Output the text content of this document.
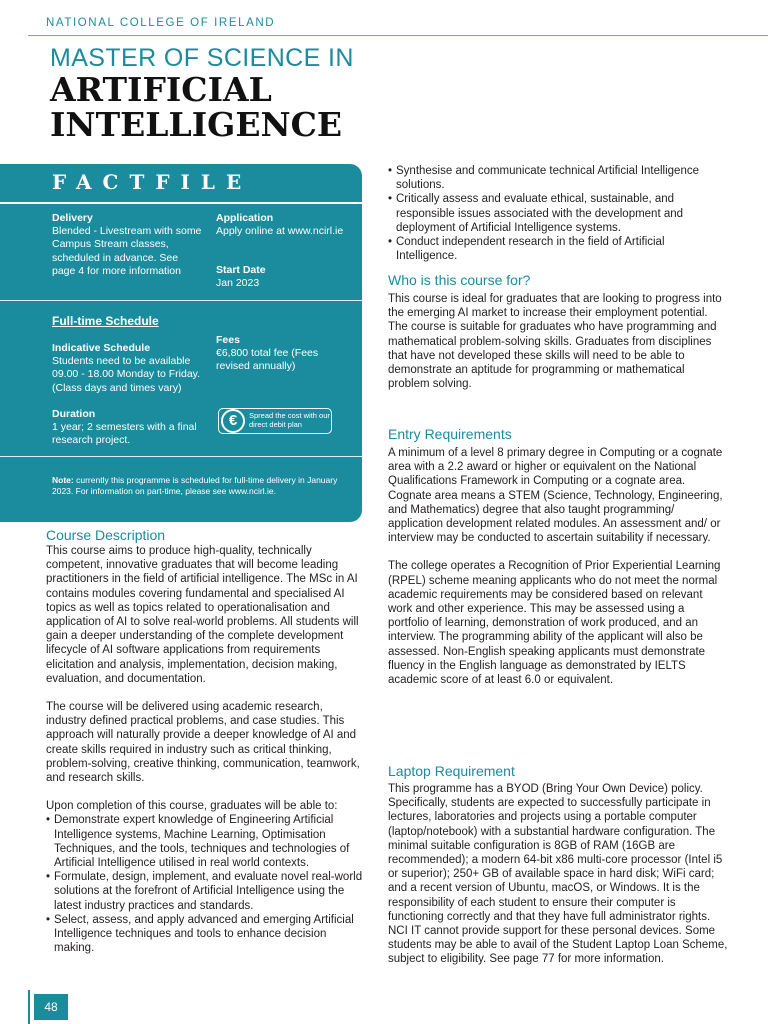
NATIONAL COLLEGE OF IRELAND
MASTER OF SCIENCE IN
ARTIFICIAL
INTELLIGENCE
FACTFILE
Delivery
Blended - Livestream with some Campus Stream classes, scheduled in advance. See page 4 for more information
Application
Apply online at www.ncirl.ie
Start Date
Jan 2023
Full-time Schedule
Indicative Schedule
Students need to be available 09.00 - 18.00 Monday to Friday. (Class days and times vary)
Fees
€6,800 total fee (Fees revised annually)
Duration
1 year; 2 semesters with a final research project.
€	Spread the cost with our direct debit plan
Note: currently this programme is scheduled for full-time delivery in January 2023. For information on part-time, please see www.ncirl.ie.
Course Description

This course aims to produce high-quality, technically competent, innovative graduates that will become leading practitioners in the field of artificial intelligence. The MSc in AI contains modules covering fundamental and specialised AI topics as well as topics related to operationalisation and application of AI to solve real-world problems. All students will gain a deeper understanding of the complete development lifecycle of AI software applications from requirements elicitation and analysis, implementation, decision making, evaluation, and documentation.

The course will be delivered using academic research, industry defined practical problems, and case studies. This approach will naturally provide a deeper knowledge of AI and create skills required in industry such as critical thinking, problem-solving, creative thinking, communication, teamwork, and research skills.

Upon completion of this course, graduates will be able to:

• Demonstrate expert knowledge of Engineering Artificial Intelligence systems, Machine Learning, Optimisation Techniques, and the tools, techniques and technologies of Artificial Intelligence utilised in real world contexts.
• Formulate, design, implement, and evaluate novel real-world solutions at the forefront of Artificial Intelligence using the latest industry practices and standards.
• Select, assess, and apply advanced and emerging Artificial Intelligence techniques and tools to enhance decision making.
• Synthesise and communicate technical Artificial Intelligence solutions.
• Critically assess and evaluate ethical, sustainable, and responsible issues associated with the development and deployment of Artificial Intelligence systems.
• Conduct independent research in the field of Artificial Intelligence.
Who is this course for?
This course is ideal for graduates that are looking to progress into the emerging AI market to increase their employment potential. The course is suitable for graduates who have programming and mathematical problem-solving skills. Graduates from disciplines that have not developed these skills will need to be able to demonstrate an aptitude for programming or mathematical problem solving.
Entry Requirements

A minimum of a level 8 primary degree in Computing or a cognate area with a 2.2 award or higher or equivalent on the National Qualifications Framework in Computing or a cognate area. Cognate area means a STEM (Science, Technology, Engineering, and Mathematics) degree that also taught programming/ application development related modules. An assessment and/ or interview may be conducted to ascertain suitability if necessary.

The college operates a Recognition of Prior Experiential Learning (RPEL) scheme meaning applicants who do not meet the normal academic requirements may be considered based on relevant work and other experience. This may be assessed using a portfolio of learning, demonstration of work produced, and an interview. The programming ability of the applicant will also be assessed. Non-English speaking applicants must demonstrate fluency in the English language as demonstrated by IELTS academic score of at least 6.0 or equivalent.

Laptop Requirement
This programme has a BYOD (Bring Your Own Device) policy. Specifically, students are expected to successfully participate in lectures, laboratories and projects using a portable computer (laptop/notebook) with a substantial hardware configuration. The minimal suitable configuration is 8GB of RAM (16GB are recommended); a modern 64-bit x86 multi-core processor (Intel i5 or superior); 250+ GB of available space in hard disk; WiFi card; and a recent version of Ubuntu, macOS, or Windows. It is the responsibility of each student to ensure their computer is functioning correctly and that they have full administrator rights. NCI IT cannot provide support for these personal devices. Some students may be able to avail of the Student Laptop Loan Scheme, subject to eligibility. See page 77 for more information.
48
